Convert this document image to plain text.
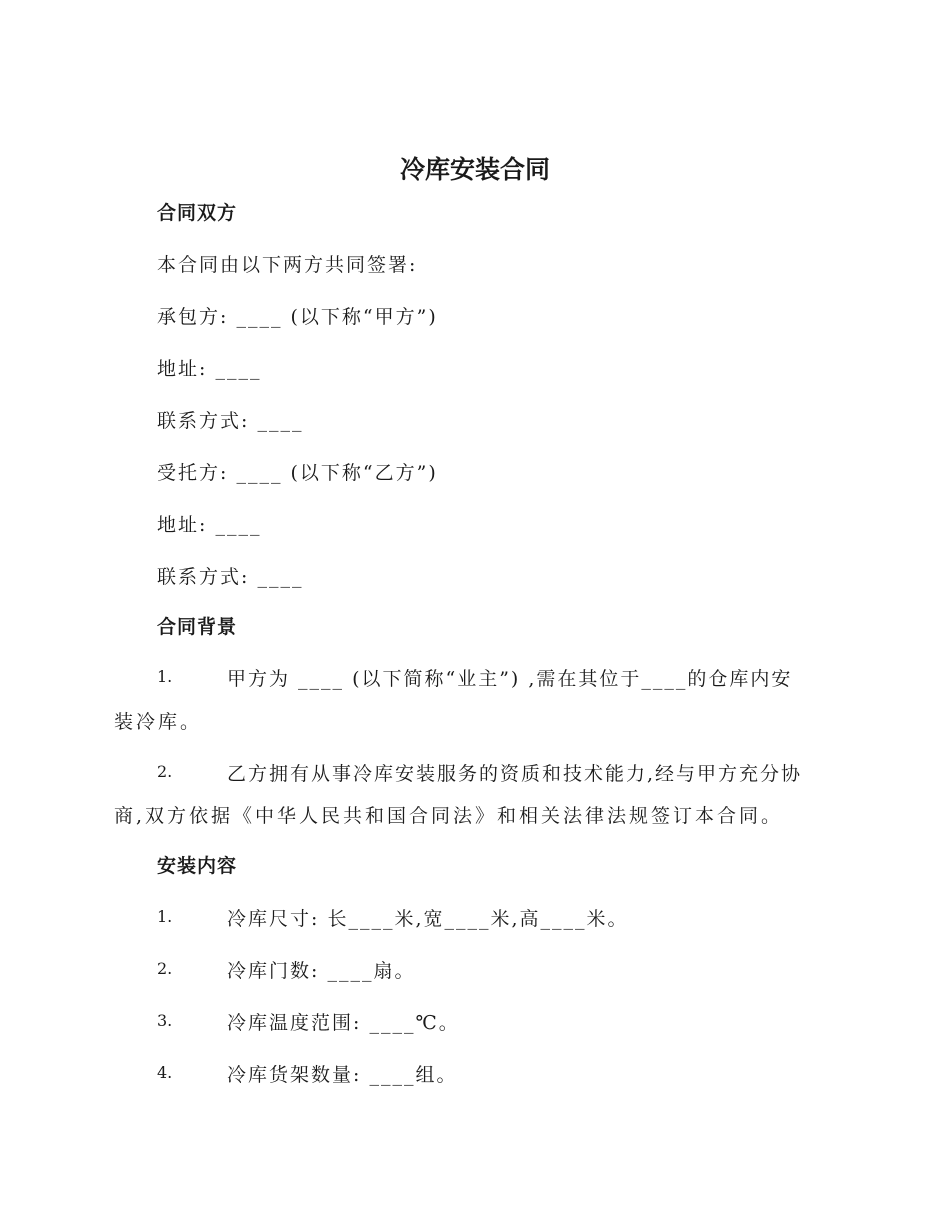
冷库安装合同
合同双方
本合同由以下两方共同签署:
承包方: ____ (以下称“甲方”)
地址: ____
联系方式: ____
受托方: ____ (以下称“乙方”)
地址: ____
联系方式: ____
合同背景
1.	甲方为 ____ (以下简称“业主”) ,需在其位于____的仓库内安
装冷库。
2.	乙方拥有从事冷库安装服务的资质和技术能力,经与甲方充分协
商,双方依据《中华人民共和国合同法》和相关法律法规签订本合同。
安装内容
1.	冷库尺寸: 长____米,宽____米,高____米。
2.	冷库门数: ____扇。
3.	冷库温度范围: ____℃。
4.	冷库货架数量: ____组。
